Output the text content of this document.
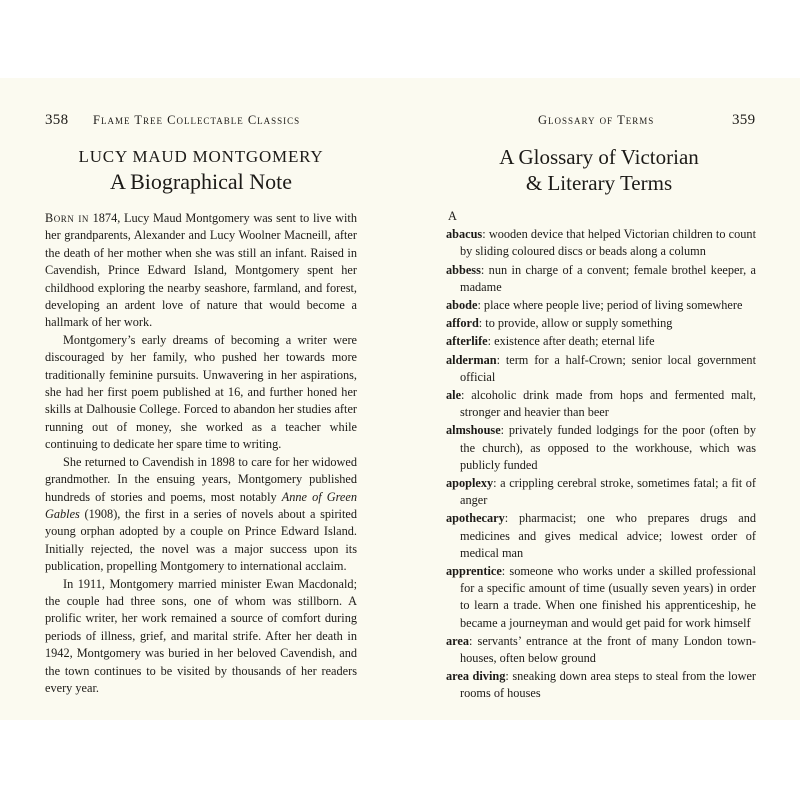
358 Flame Tree Collectable Classics
LUCY MAUD MONTGOMERY
A Biographical Note

Born in 1874, Lucy Maud Montgomery was sent to live with her grandparents, Alexander and Lucy Woolner Macneill, after the death of her mother when she was still an infant. Raised in Cavendish, Prince Edward Island, Montgomery spent her childhood exploring the nearby seashore, farmland, and forest, developing an ardent love of nature that would become a hallmark of her work.

Montgomery’s early dreams of becoming a writer were discouraged by her family, who pushed her towards more traditionally feminine pursuits. Unwavering in her aspirations, she had her first poem published at 16, and further honed her skills at Dalhousie College. Forced to abandon her studies after running out of money, she worked as a teacher while continuing to dedicate her spare time to writing.

She returned to Cavendish in 1898 to care for her widowed grandmother. In the ensuing years, Montgomery published hundreds of stories and poems, most notably Anne of Green Gables (1908), the first in a series of novels about a spirited young orphan adopted by a couple on Prince Edward Island. Initially rejected, the novel was a major success upon its publication, propelling Montgomery to international acclaim.

In 1911, Montgomery married minister Ewan Macdonald; the couple had three sons, one of whom was stillborn. A prolific writer, her work remained a source of comfort during periods of illness, grief, and marital strife. After her death in 1942, Montgomery was buried in her beloved Cavendish, and the town continues to be visited by thousands of her readers every year.

Glossary of Terms	359
A Glossary of Victorian
& Literary Terms
A
abacus: wooden device that helped Victorian children to count by sliding coloured discs or beads along a column
abbess: nun in charge of a convent; female brothel keeper, a madame
abode: place where people live; period of living somewhere
afford: to provide, allow or supply something
afterlife: existence after death; eternal life
alderman: term for a half-Crown; senior local government official
ale: alcoholic drink made from hops and fermented malt, stronger and heavier than beer
almshouse: privately funded lodgings for the poor (often by the church), as opposed to the workhouse, which was publicly funded
apoplexy: a crippling cerebral stroke, sometimes fatal; a fit of anger
apothecary: pharmacist; one who prepares drugs and medicines and gives medical advice; lowest order of medical man
apprentice: someone who works under a skilled professional for a specific amount of time (usually seven years) in order to learn a trade. When one finished his apprenticeship, he became a journeyman and would get paid for work himself
area: servants’ entrance at the front of many London town-houses, often below ground
area diving: sneaking down area steps to steal from the lower rooms of houses
